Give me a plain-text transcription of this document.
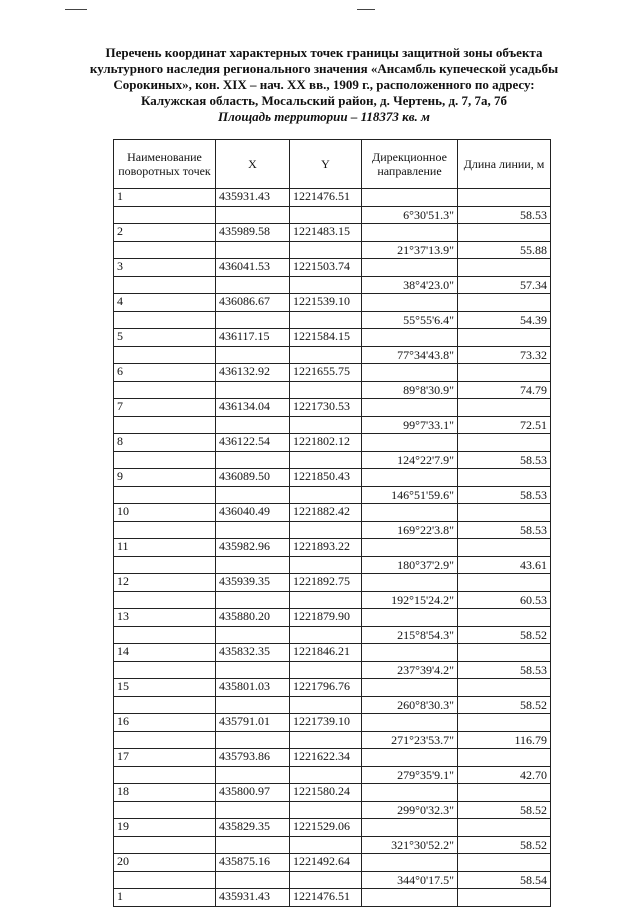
Перечень координат характерных точек границы защитной зоны объекта
культурного наследия регионального значения «Ансамбль купеческой усадьбы
Сорокиных», кон. XIX – нач. XX вв., 1909 г., расположенного по адресу:
Калужская область, Мосальский район, д. Чертень, д. 7, 7а, 7б
Площадь территории – 118373 кв. м
Наименование поворотных точек	X	Y	Дирекционное направление	Длина линии, м
1	435931.43	1221476.51		
			6°30'51.3"	58.53
2	435989.58	1221483.15		
			21°37'13.9"	55.88
3	436041.53	1221503.74		
			38°4'23.0"	57.34
4	436086.67	1221539.10		
			55°55'6.4"	54.39
5	436117.15	1221584.15		
			77°34'43.8"	73.32
6	436132.92	1221655.75		
			89°8'30.9"	74.79
7	436134.04	1221730.53		
			99°7'33.1"	72.51
8	436122.54	1221802.12		
			124°22'7.9"	58.53
9	436089.50	1221850.43		
			146°51'59.6"	58.53
10	436040.49	1221882.42		
			169°22'3.8"	58.53
11	435982.96	1221893.22		
			180°37'2.9"	43.61
12	435939.35	1221892.75		
			192°15'24.2"	60.53
13	435880.20	1221879.90		
			215°8'54.3"	58.52
14	435832.35	1221846.21		
			237°39'4.2"	58.53
15	435801.03	1221796.76		
			260°8'30.3"	58.52
16	435791.01	1221739.10		
			271°23'53.7"	116.79
17	435793.86	1221622.34		
			279°35'9.1"	42.70
18	435800.97	1221580.24		
			299°0'32.3"	58.52
19	435829.35	1221529.06		
			321°30'52.2"	58.52
20	435875.16	1221492.64		
			344°0'17.5"	58.54
1	435931.43	1221476.51		
